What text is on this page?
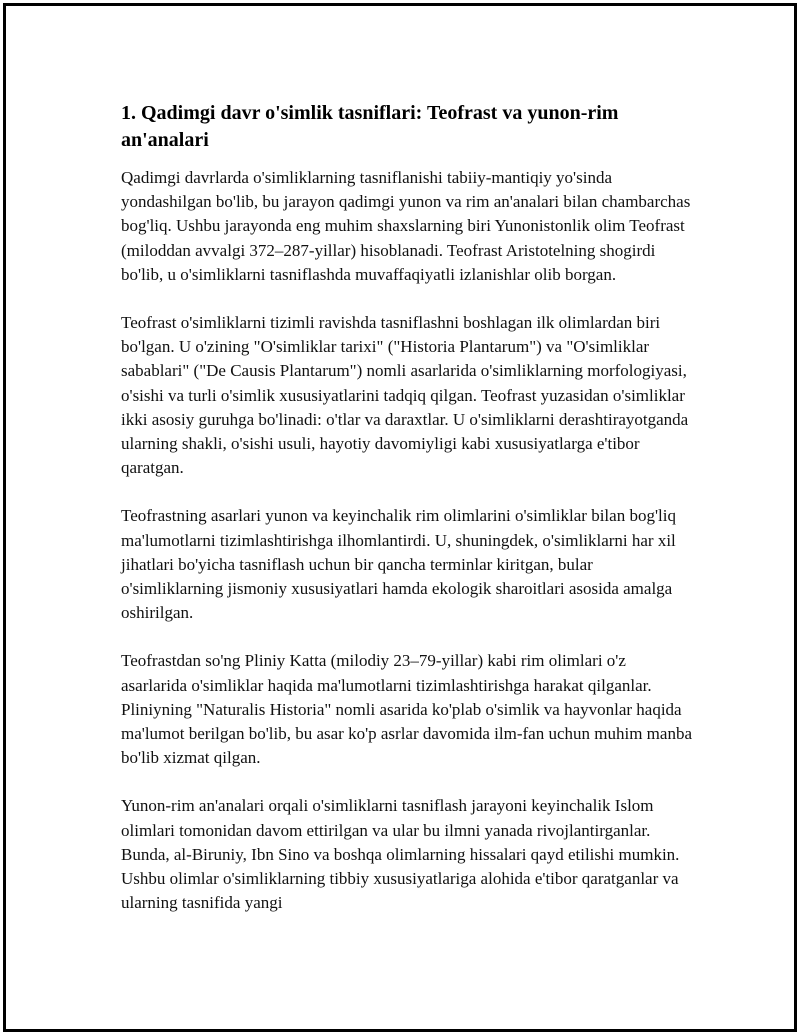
1. Qadimgi davr o'simlik tasniflari: Teofrast va yunon-rim an'analari

Qadimgi davrlarda o'simliklarning tasniflanishi tabiiy-mantiqiy yo'sinda yondashilgan bo'lib, bu jarayon qadimgi yunon va rim an'analari bilan chambarchas bog'liq. Ushbu jarayonda eng muhim shaxslarning biri Yunonistonlik olim Teofrast (miloddan avvalgi 372–287-yillar) hisoblanadi. Teofrast Aristotelning shogirdi bo'lib, u o'simliklarni tasniflashda muvaffaqiyatli izlanishlar olib borgan.

Teofrast o'simliklarni tizimli ravishda tasniflashni boshlagan ilk olimlardan biri bo'lgan. U o'zining "O'simliklar tarixi" ("Historia Plantarum") va "O'simliklar sabablari" ("De Causis Plantarum") nomli asarlarida o'simliklarning morfologiyasi, o'sishi va turli o'simlik xususiyatlarini tadqiq qilgan. Teofrast yuzasidan o'simliklar ikki asosiy guruhga bo'linadi: o'tlar va daraxtlar. U o'simliklarni derashtirayotganda ularning shakli, o'sishi usuli, hayotiy davomiyligi kabi xususiyatlarga e'tibor qaratgan.

Teofrastning asarlari yunon va keyinchalik rim olimlarini o'simliklar bilan bog'liq ma'lumotlarni tizimlashtirishga ilhomlantirdi. U, shuningdek, o'simliklarni har xil jihatlari bo'yicha tasniflash uchun bir qancha terminlar kiritgan, bular o'simliklarning jismoniy xususiyatlari hamda ekologik sharoitlari asosida amalga oshirilgan.

Teofrastdan so'ng Pliniy Katta (milodiy 23–79-yillar) kabi rim olimlari o'z asarlarida o'simliklar haqida ma'lumotlarni tizimlashtirishga harakat qilganlar. Pliniyning "Naturalis Historia" nomli asarida ko'plab o'simlik va hayvonlar haqida ma'lumot berilgan bo'lib, bu asar ko'p asrlar davomida ilm-fan uchun muhim manba bo'lib xizmat qilgan.

Yunon-rim an'analari orqali o'simliklarni tasniflash jarayoni keyinchalik Islom olimlari tomonidan davom ettirilgan va ular bu ilmni yanada rivojlantirganlar. Bunda, al-Biruniy, Ibn Sino va boshqa olimlarning hissalari qayd etilishi mumkin. Ushbu olimlar o'simliklarning tibbiy xususiyatlariga alohida e'tibor qaratganlar va ularning tasnifida yangi
